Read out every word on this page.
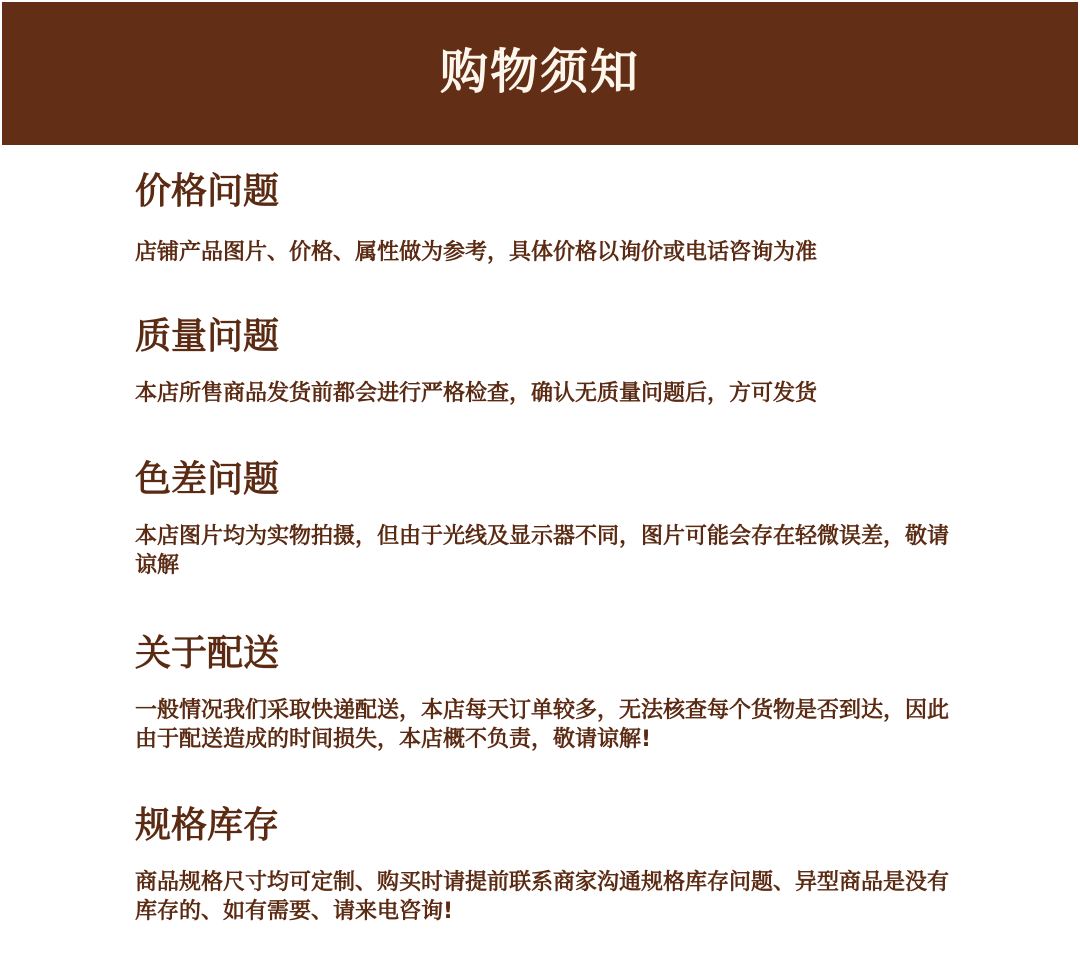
购物须知
价格问题
店铺产品图片、价格、属性做为参考，具体价格以询价或电话咨询为准
质量问题
本店所售商品发货前都会进行严格检查，确认无质量问题后，方可发货
色差问题
本店图片均为实物拍摄，但由于光线及显示器不同，图片可能会存在轻微误差，敬请谅解
关于配送
一般情况我们采取快递配送，本店每天订单较多，无法核查每个货物是否到达，因此由于配送造成的时间损失，本店概不负责，敬请谅解!
规格库存
商品规格尺寸均可定制、购买时请提前联系商家沟通规格库存问题、异型商品是没有库存的、如有需要、请来电咨询!
